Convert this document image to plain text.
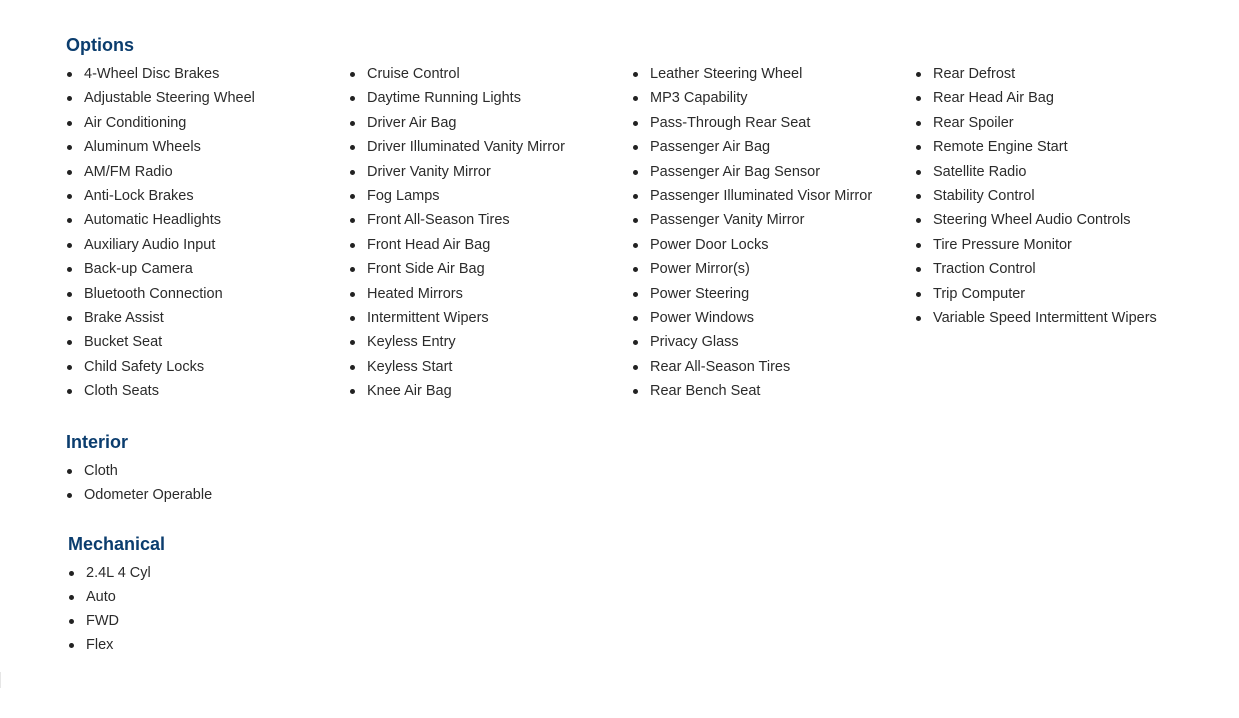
Options
4-Wheel Disc Brakes
Adjustable Steering Wheel
Air Conditioning
Aluminum Wheels
AM/FM Radio
Anti-Lock Brakes
Automatic Headlights
Auxiliary Audio Input
Back-up Camera
Bluetooth Connection
Brake Assist
Bucket Seat
Child Safety Locks
Cloth Seats
Cruise Control
Daytime Running Lights
Driver Air Bag
Driver Illuminated Vanity Mirror
Driver Vanity Mirror
Fog Lamps
Front All-Season Tires
Front Head Air Bag
Front Side Air Bag
Heated Mirrors
Intermittent Wipers
Keyless Entry
Keyless Start
Knee Air Bag
Leather Steering Wheel
MP3 Capability
Pass-Through Rear Seat
Passenger Air Bag
Passenger Air Bag Sensor
Passenger Illuminated Visor Mirror
Passenger Vanity Mirror
Power Door Locks
Power Mirror(s)
Power Steering
Power Windows
Privacy Glass
Rear All-Season Tires
Rear Bench Seat
Rear Defrost
Rear Head Air Bag
Rear Spoiler
Remote Engine Start
Satellite Radio
Stability Control
Steering Wheel Audio Controls
Tire Pressure Monitor
Traction Control
Trip Computer
Variable Speed Intermittent Wipers
Interior
Cloth
Odometer Operable
Mechanical
2.4L 4 Cyl
Auto
FWD
Flex
